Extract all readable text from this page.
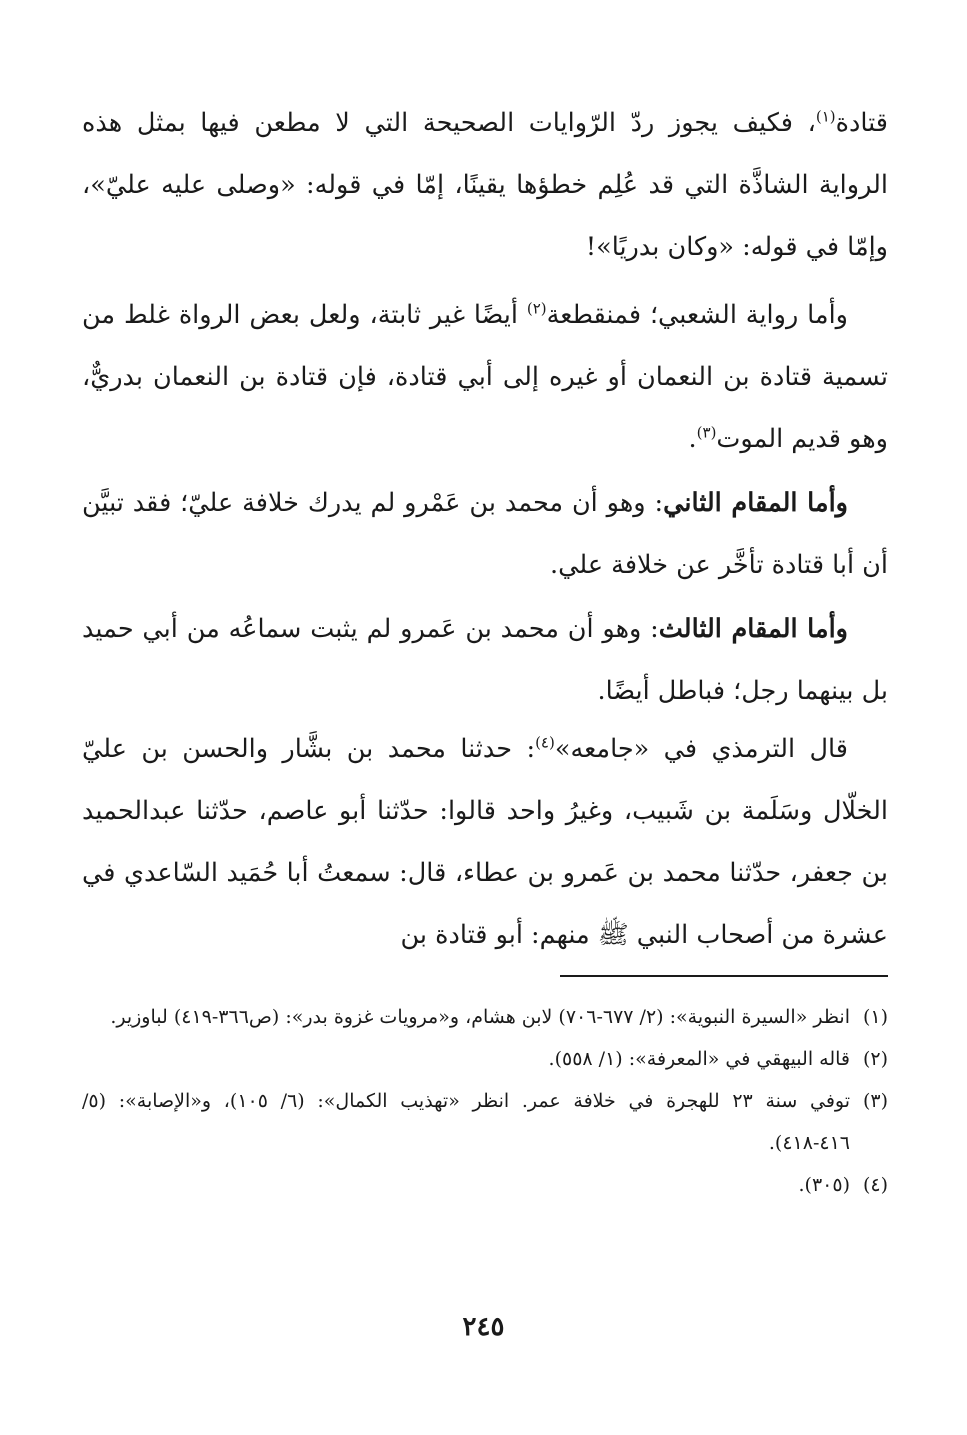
قتادة$^{(١)}$، فكيف يجوز ردّ الرّوايات الصحيحة التي لا مطعن فيها بمثل هذه الرواية الشاذَّة التي قد عُلِم خطؤها يقينًا، إمّا في قوله: «وصلى عليه عليّ»، وإمّا في قوله: «وكان بدريًا»!

وأما رواية الشعبي؛ فمنقطعة$^{(٢)}$ أيضًا غير ثابتة، ولعل بعض الرواة غلط من تسمية قتادة بن النعمان أو غيره إلى أبي قتادة، فإن قتادة بن النعمان بدريٌّ، وهو قديم الموت$^{(٣)}$.

وأما المقام الثاني: وهو أن محمد بن عَمْرو لم يدرك خلافة عليّ؛ فقد تبيَّن أن أبا قتادة تأخَّر عن خلافة علي.

وأما المقام الثالث: وهو أن محمد بن عَمرو لم يثبت سماعُه من أبي حميد بل بينهما رجل؛ فباطل أيضًا.

قال الترمذي في «جامعه»$^{(٤)}$: حدثنا محمد بن بشَّار والحسن بن عليّ الخلّال وسَلَمة بن شَبيب، وغيرُ واحد قالوا: حدّثنا أبو عاصم، حدّثنا عبدالحميد بن جعفر، حدّثنا محمد بن عَمرو بن عطاء، قال: سمعتُ أبا حُمَيد السّاعدي في عشرة من أصحاب النبي ﷺ منهم: أبو قتادة بن

(١)
انظر «السيرة النبوية»: (٢/ ٦٧٧-٧٠٦) لابن هشام، و«مرويات غزوة بدر»: (ص٣٦٦-٤١٩) لباوزير.
(٢)
قاله البيهقي في «المعرفة»: (١/ ٥٥٨).
(٣)
توفي سنة ٢٣ للهجرة في خلافة عمر. انظر «تهذيب الكمال»: (٦/ ١٠٥)، و«الإصابة»: (٥/ ٤١٦-٤١٨).
(٤)
(٣٠٥).
٢٤٥
